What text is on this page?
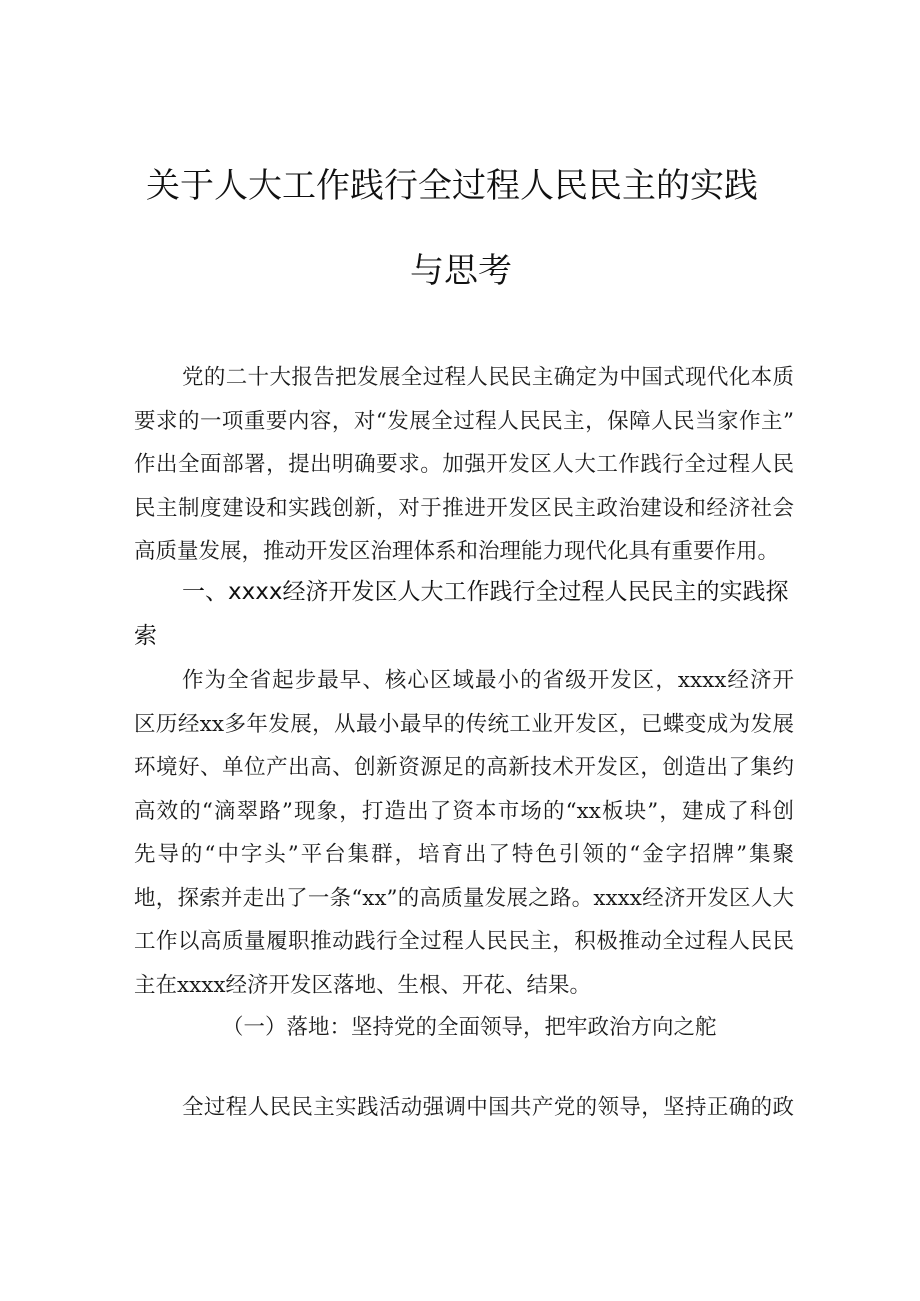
关于人大工作践行全过程人民民主的实践
与思考
党的二十大报告把发展全过程人民民主确定为中国式现代化本质
要求的一项重要内容，对“发展全过程人民民主，保障人民当家作主”
作出全面部署，提出明确要求。加强开发区人大工作践行全过程人民
民主制度建设和实践创新，对于推进开发区民主政治建设和经济社会
高质量发展，推动开发区治理体系和治理能力现代化具有重要作用。
一、xxxx经济开发区人大工作践行全过程人民民主的实践探
索
作为全省起步最早、核心区域最小的省级开发区，xxxx经济开
区历经xx多年发展，从最小最早的传统工业开发区，已蝶变成为发展
环境好、单位产出高、创新资源足的高新技术开发区，创造出了集约
高效的“滴翠路”现象，打造出了资本市场的“xx板块”，建成了科创
先导的“中字头”平台集群，培育出了特色引领的“金字招牌”集聚
地，探索并走出了一条“xx”的高质量发展之路。xxxx经济开发区人大
工作以高质量履职推动践行全过程人民民主，积极推动全过程人民民
主在xxxx经济开发区落地、生根、开花、结果。
（一）落地：坚持党的全面领导，把牢政治方向之舵
全过程人民民主实践活动强调中国共产党的领导，坚持正确的政
